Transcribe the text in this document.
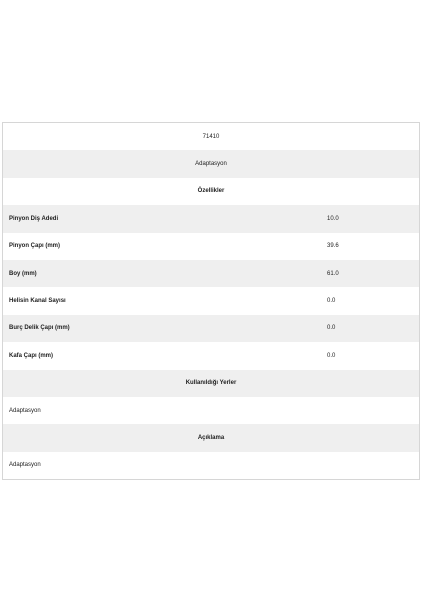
71410
Adaptasyon
Özellikler
Pinyon Diş Adedi	10.0
Pinyon Çapı (mm)	39.6
Boy (mm)	61.0
Helisin Kanal Sayısı	0.0
Burç Delik Çapı (mm)	0.0
Kafa Çapı (mm)	0.0
Kullanıldığı Yerler
Adaptasyon
Açıklama
Adaptasyon
